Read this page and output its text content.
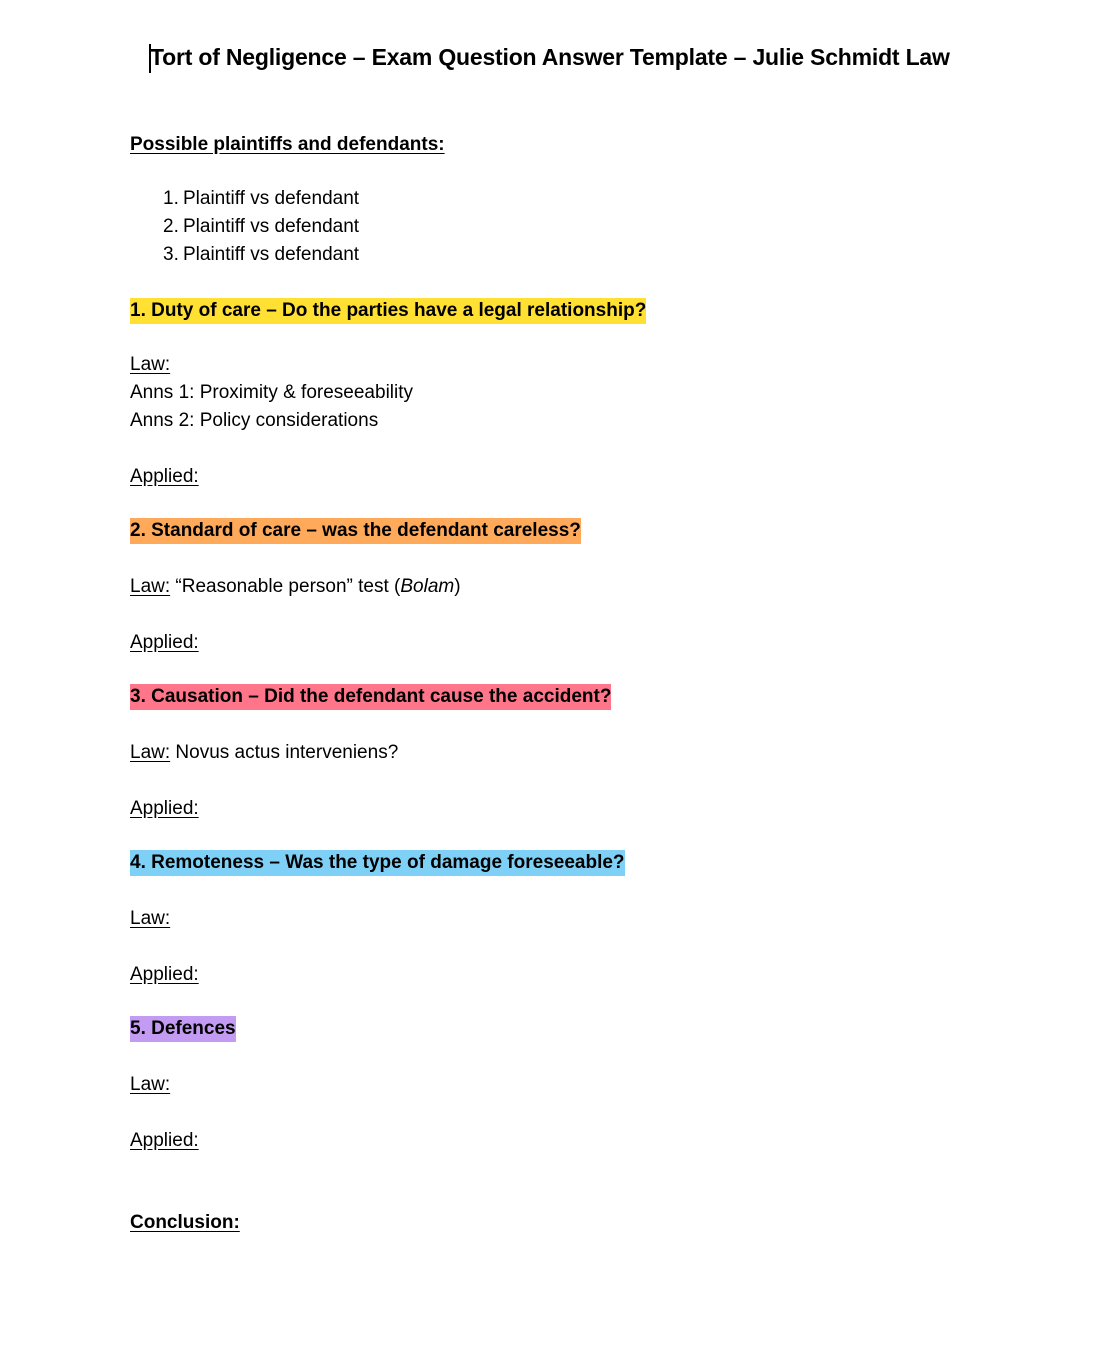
Tort of Negligence – Exam Question Answer Template – Julie Schmidt Law
Possible plaintiffs and defendants:
1. Plaintiff vs defendant
2. Plaintiff vs defendant
3. Plaintiff vs defendant
1. Duty of care – Do the parties have a legal relationship?
Law:
Anns 1: Proximity & foreseeability
Anns 2: Policy considerations
Applied:
2. Standard of care – was the defendant careless?
Law: “Reasonable person” test (Bolam)
Applied:
3. Causation – Did the defendant cause the accident?
Law: Novus actus interveniens?
Applied:
4. Remoteness – Was the type of damage foreseeable?
Law:
Applied:
5. Defences
Law:
Applied:
Conclusion:
